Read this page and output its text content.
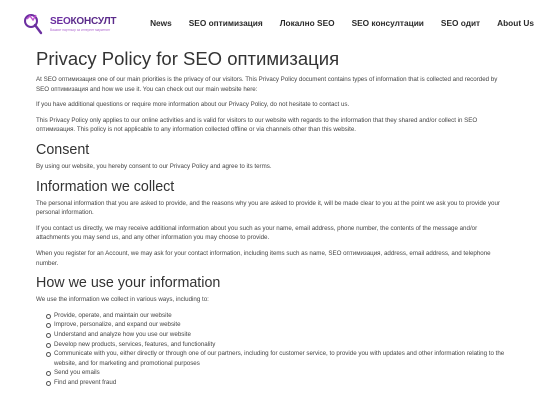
SEOКОНСУЛТ
Вашият партньор за интернет маркетинг
News SEO оптимизация Локално SEO SEO консултации SEO одит About Us
Privacy Policy for SEO оптимизация

At SEO оптимизация one of our main priorities is the privacy of our visitors. This Privacy Policy document contains types of information that is collected and recorded by SEO оптимизация and how we use it. You can check out our main website here:

If you have additional questions or require more information about our Privacy Policy, do not hesitate to contact us.

This Privacy Policy only applies to our online activities and is valid for visitors to our website with regards to the information that they shared and/or collect in SEO оптимизация. This policy is not applicable to any information collected offline or via channels other than this website.

Consent

By using our website, you hereby consent to our Privacy Policy and agree to its terms.

Information we collect

The personal information that you are asked to provide, and the reasons why you are asked to provide it, will be made clear to you at the point we ask you to provide your personal information.

If you contact us directly, we may receive additional information about you such as your name, email address, phone number, the contents of the message and/or attachments you may send us, and any other information you may choose to provide.

When you register for an Account, we may ask for your contact information, including items such as name, SEO оптимизация, address, email address, and telephone number.

How we use your information

We use the information we collect in various ways, including to:

Provide, operate, and maintain our website
Improve, personalize, and expand our website
Understand and analyze how you use our website
Develop new products, services, features, and functionality
Communicate with you, either directly or through one of our partners, including for customer service, to provide you with updates and other information relating to the website, and for marketing and promotional purposes
Send you emails
Find and prevent fraud
